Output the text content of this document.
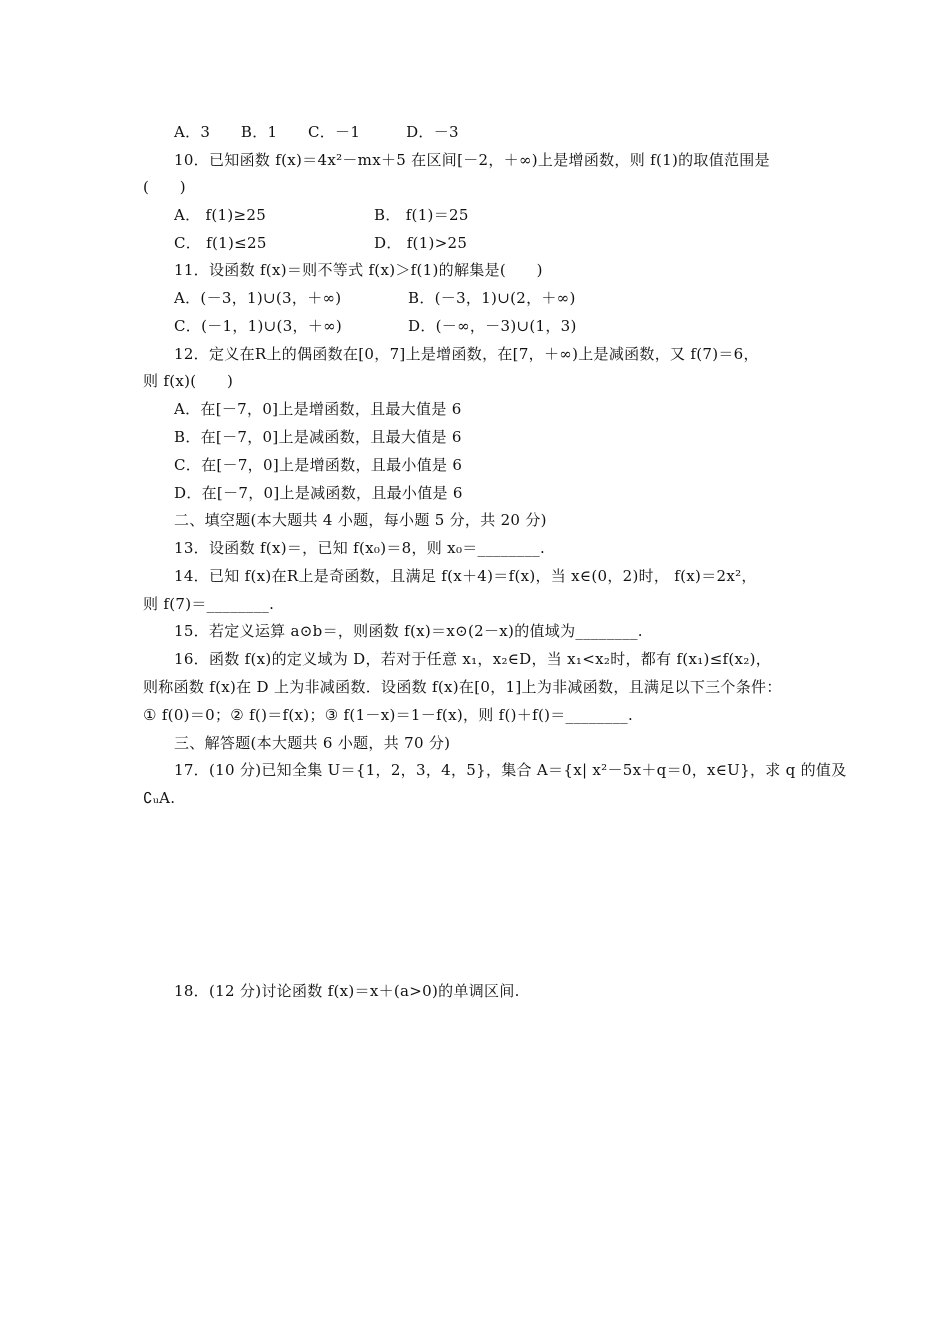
A．3　　B．1　　C．－1　　　D．－3
10．已知函数 f(x)＝4x²－mx＋5 在区间[－2，＋∞)上是增函数，则 f(1)的取值范围是
(　　)
A． f(1)≥25	B． f(1)＝25
C． f(1)≤25	D． f(1)>25
11．设函数 f(x)＝则不等式 f(x)＞f(1)的解集是(　　)
A．(－3，1)∪(3，＋∞)	B．(－3，1)∪(2，＋∞)
C．(－1，1)∪(3，＋∞)	D．(－∞，－3)∪(1，3)
12．定义在R上的偶函数在[0，7]上是增函数，在[7，＋∞)上是减函数，又 f(7)＝6，
则 f(x)(　　)
A．在[－7，0]上是增函数，且最大值是 6
B．在[－7，0]上是减函数，且最大值是 6
C．在[－7，0]上是增函数，且最小值是 6
D．在[－7，0]上是减函数，且最小值是 6
二、填空题(本大题共 4 小题，每小题 5 分，共 20 分)
13．设函数 f(x)＝，已知 f(x₀)＝8，则 x₀＝________.
14．已知 f(x)在R上是奇函数，且满足 f(x＋4)＝f(x)，当 x∈(0，2)时， f(x)＝2x²，
则 f(7)＝________.
15．若定义运算 a⊙b＝，则函数 f(x)＝x⊙(2－x)的值域为________.
16．函数 f(x)的定义域为 D，若对于任意 x₁，x₂∈D，当 x₁<x₂时，都有 f(x₁)≤f(x₂)，
则称函数 f(x)在 D 上为非减函数．设函数 f(x)在[0，1]上为非减函数，且满足以下三个条件：
① f(0)＝0；② f()＝f(x)；③ f(1－x)＝1－f(x)，则 f()＋f()＝________.
三、解答题(本大题共 6 小题，共 70 分)
17．(10 分)已知全集 U＝{1，2，3，4，5}，集合 A＝{x| x²－5x＋q＝0，x∈U}，求 q 的值及
∁ᵤA.
18．(12 分)讨论函数 f(x)＝x＋(a>0)的单调区间.
